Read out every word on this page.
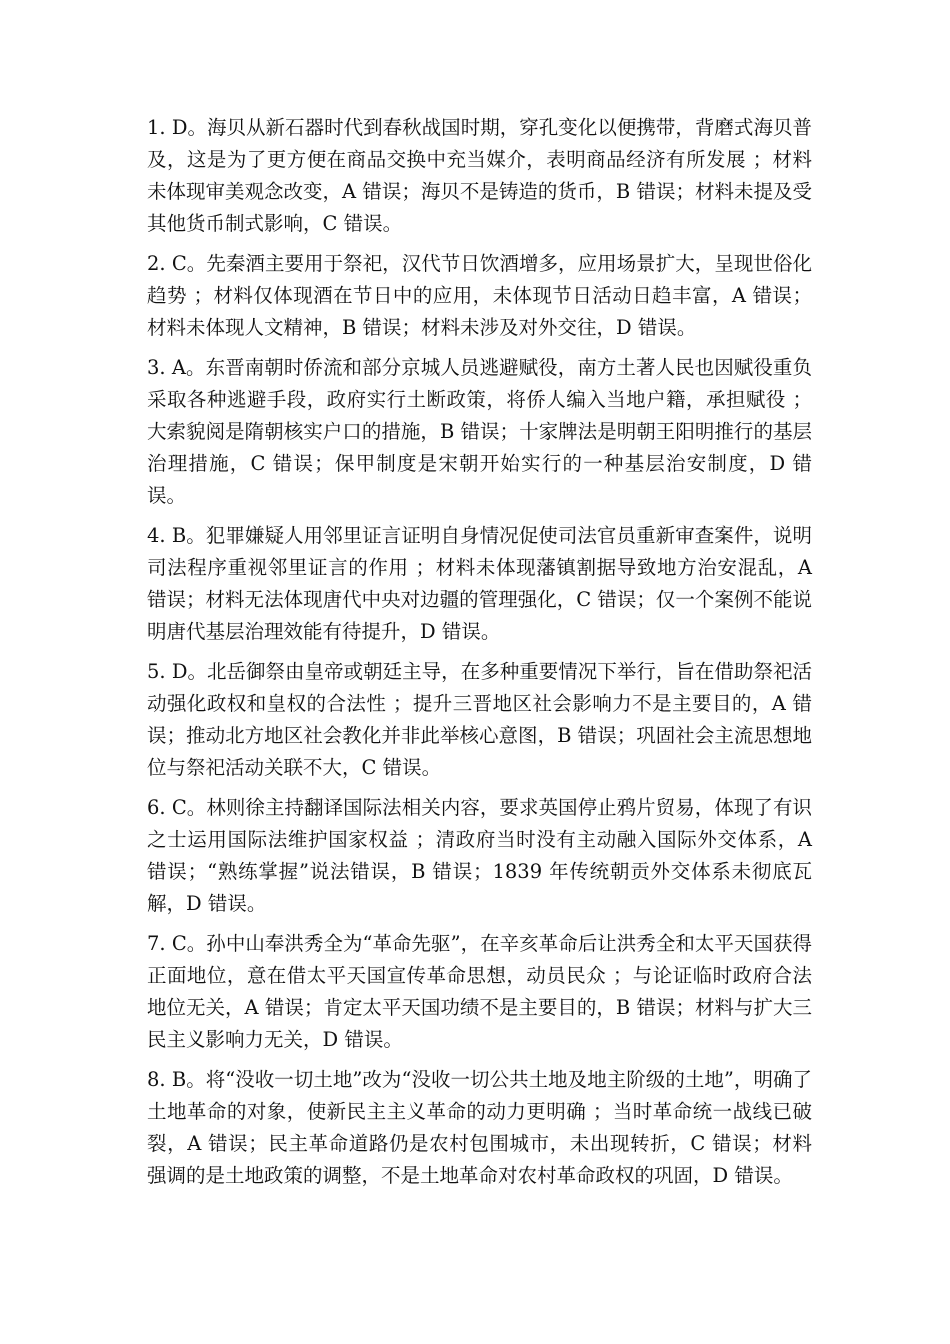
1. D。海贝从新石器时代到春秋战国时期，穿孔变化以便携带，背磨式海贝普及，这是为了更方便在商品交换中充当媒介，表明商品经济有所发展 ；材料未体现审美观念改变，A 错误；海贝不是铸造的货币，B 错误；材料未提及受其他货币制式影响，C 错误。

2. C。先秦酒主要用于祭祀，汉代节日饮酒增多，应用场景扩大，呈现世俗化趋势 ；材料仅体现酒在节日中的应用，未体现节日活动日趋丰富，A 错误；材料未体现人文精神，B 错误；材料未涉及对外交往，D 错误。

3. A。东晋南朝时侨流和部分京城人员逃避赋役，南方土著人民也因赋役重负采取各种逃避手段，政府实行土断政策，将侨人编入当地户籍，承担赋役 ；大索貌阅是隋朝核实户口的措施，B 错误；十家牌法是明朝王阳明推行的基层治理措施，C 错误；保甲制度是宋朝开始实行的一种基层治安制度，D 错误。

4. B。犯罪嫌疑人用邻里证言证明自身情况促使司法官员重新审查案件，说明司法程序重视邻里证言的作用 ；材料未体现藩镇割据导致地方治安混乱，A 错误；材料无法体现唐代中央对边疆的管理强化，C 错误；仅一个案例不能说明唐代基层治理效能有待提升，D 错误。

5. D。北岳御祭由皇帝或朝廷主导，在多种重要情况下举行，旨在借助祭祀活动强化政权和皇权的合法性 ；提升三晋地区社会影响力不是主要目的，A 错误；推动北方地区社会教化并非此举核心意图，B 错误；巩固社会主流思想地位与祭祀活动关联不大，C 错误。

6. C。林则徐主持翻译国际法相关内容，要求英国停止鸦片贸易，体现了有识之士运用国际法维护国家权益 ；清政府当时没有主动融入国际外交体系，A 错误；“熟练掌握”说法错误，B 错误；1839 年传统朝贡外交体系未彻底瓦解，D 错误。

7. C。孙中山奉洪秀全为“革命先驱”，在辛亥革命后让洪秀全和太平天国获得正面地位，意在借太平天国宣传革命思想，动员民众 ；与论证临时政府合法地位无关，A 错误；肯定太平天国功绩不是主要目的，B 错误；材料与扩大三民主义影响力无关，D 错误。

8. B。将“没收一切土地”改为“没收一切公共土地及地主阶级的土地”，明确了土地革命的对象，使新民主主义革命的动力更明确 ；当时革命统一战线已破裂，A 错误；民主革命道路仍是农村包围城市，未出现转折，C 错误；材料强调的是土地政策的调整，不是土地革命对农村革命政权的巩固，D 错误。
